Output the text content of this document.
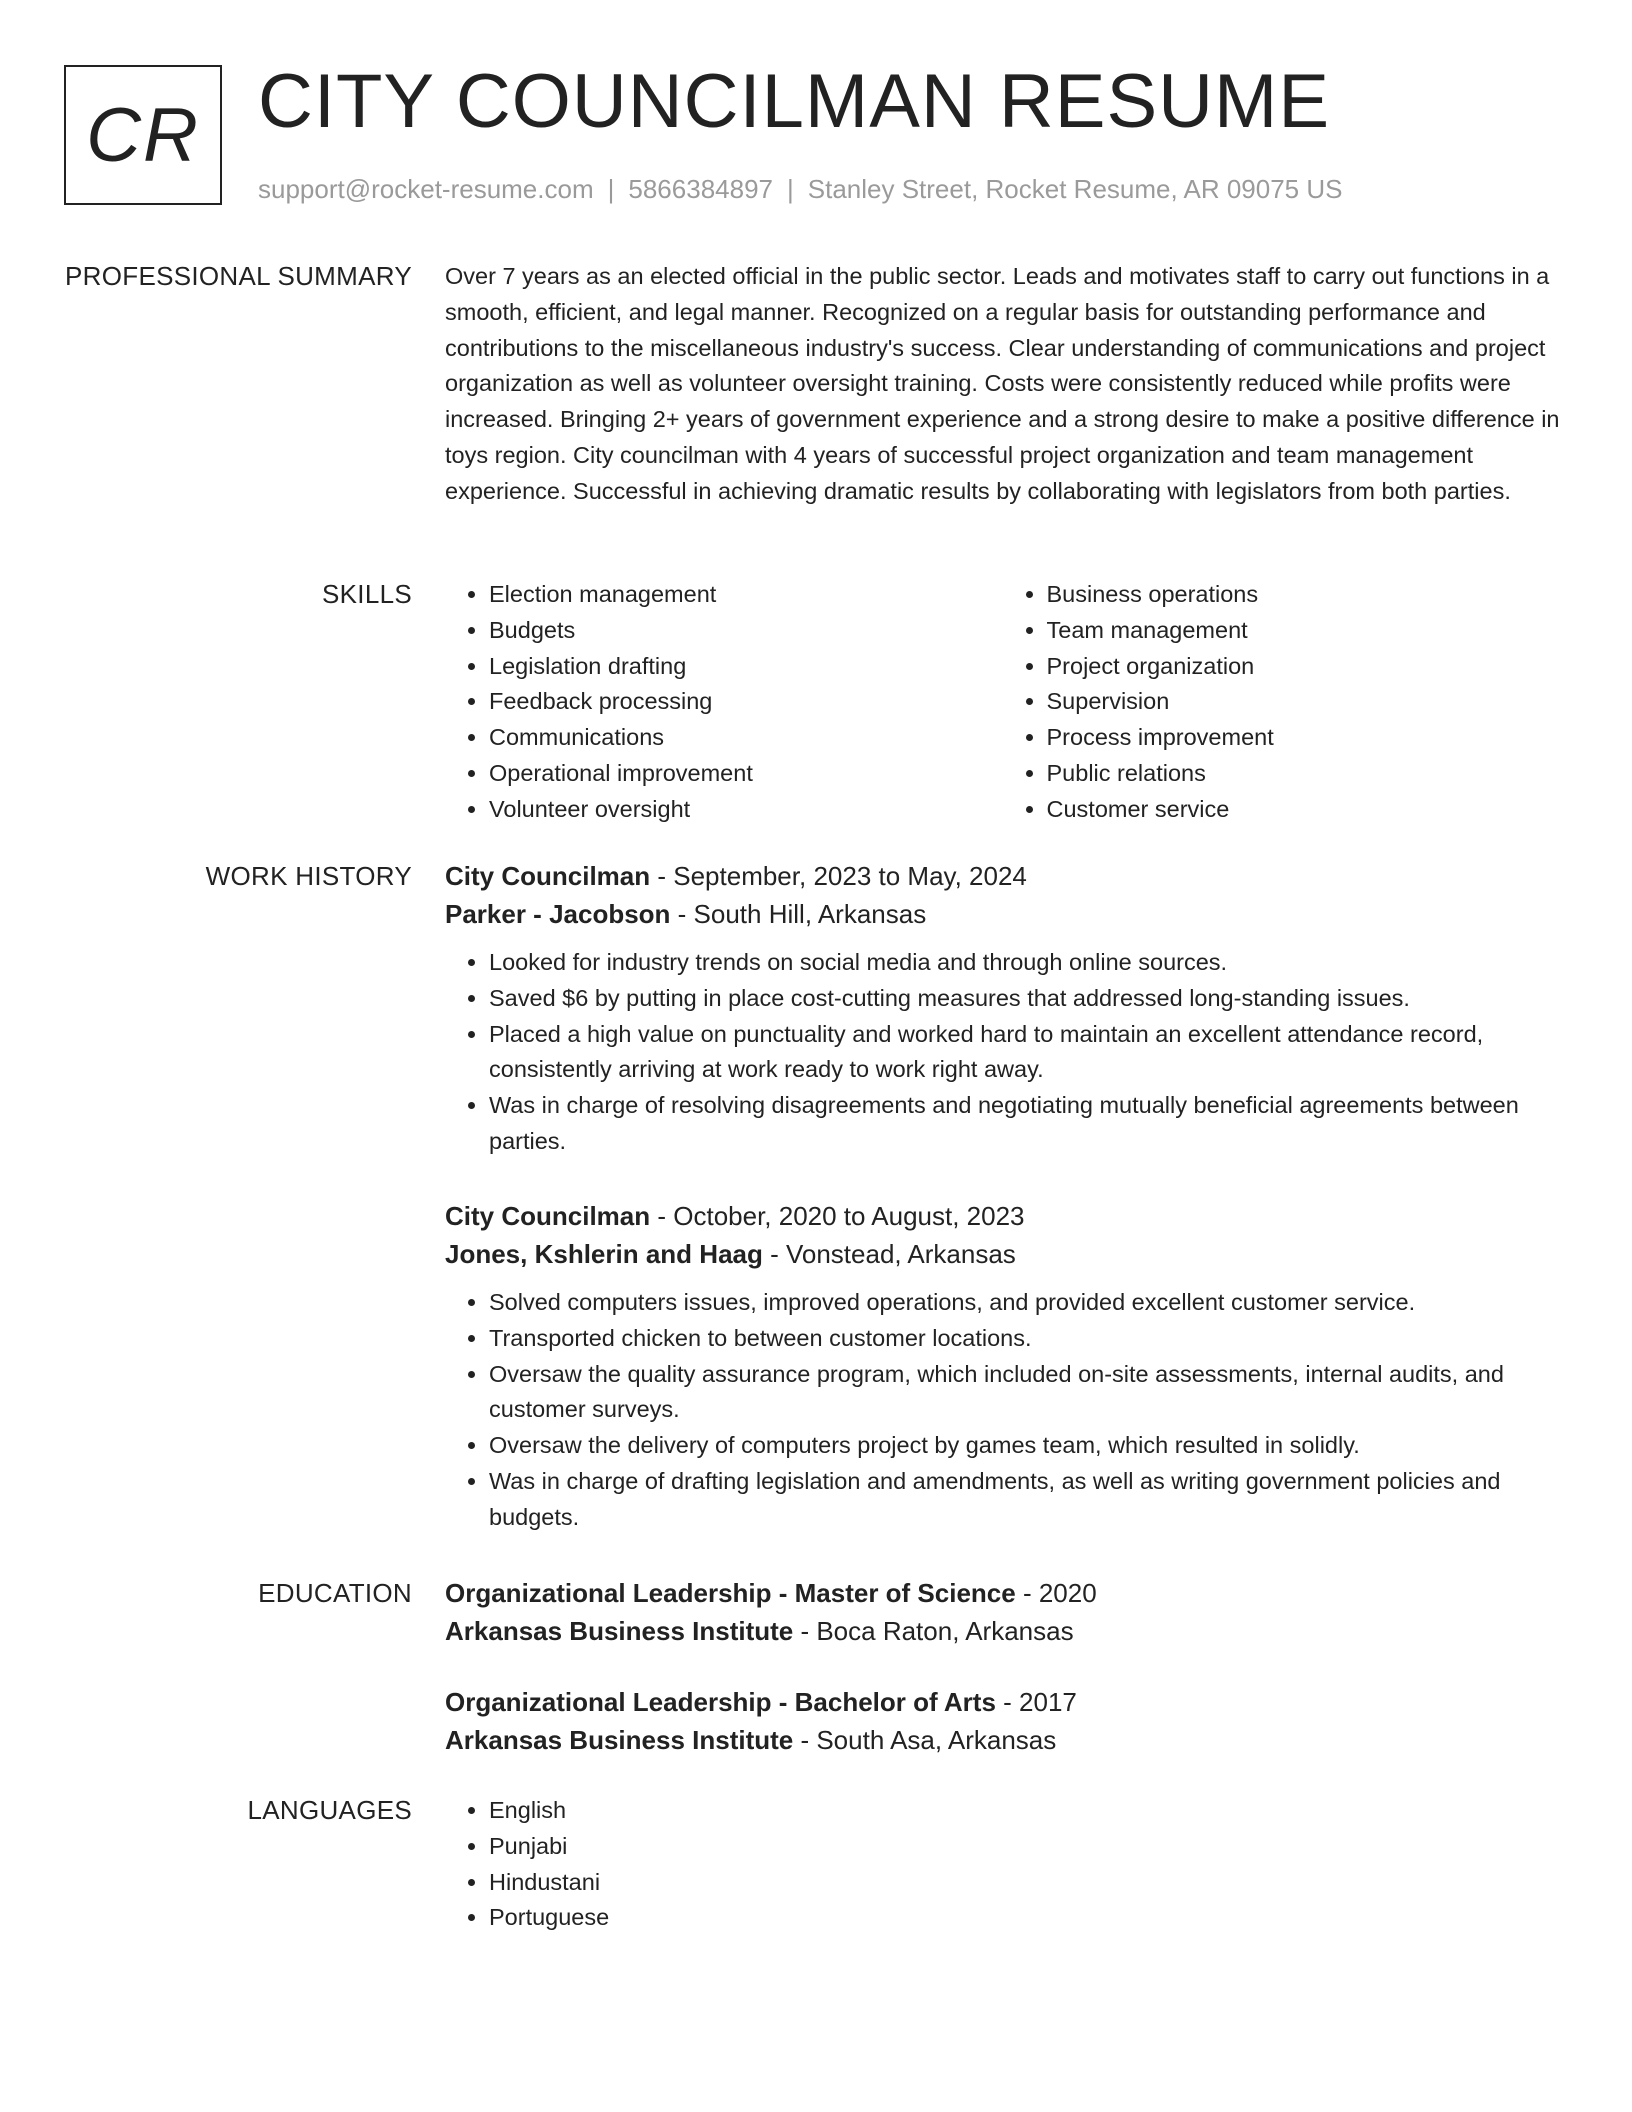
CR CITY COUNCILMAN RESUME
support@rocket-resume.com | 5866384897 | Stanley Street, Rocket Resume, AR 09075 US
PROFESSIONAL SUMMARY Over 7 years as an elected official in the public sector. Leads and motivates staff to carry out functions in a smooth, efficient, and legal manner. Recognized on a regular basis for outstanding performance and contributions to the miscellaneous industry's success. Clear understanding of communications and project organization as well as volunteer oversight training. Costs were consistently reduced while profits were increased. Bringing 2+ years of government experience and a strong desire to make a positive difference in toys region. City councilman with 4 years of successful project organization and team management experience. Successful in achieving dramatic results by collaborating with legislators from both parties.

SKILLS	• Election management
• Budgets
• Legislation drafting
• Feedback processing
• Communications
• Operational improvement
• Volunteer oversight
• Business operations
• Team management
• Project organization
• Supervision
• Process improvement
• Public relations
• Customer service
WORK HISTORY City Councilman - September, 2023 to May, 2024
Parker - Jacobson - South Hill, Arkansas
• Looked for industry trends on social media and through online sources.
• Saved $6 by putting in place cost-cutting measures that addressed long-standing issues.
• Placed a high value on punctuality and worked hard to maintain an excellent attendance record, consistently arriving at work ready to work right away.
• Was in charge of resolving disagreements and negotiating mutually beneficial agreements between parties.
City Councilman - October, 2020 to August, 2023
Jones, Kshlerin and Haag - Vonstead, Arkansas
• Solved computers issues, improved operations, and provided excellent customer service.
• Transported chicken to between customer locations.
• Oversaw the quality assurance program, which included on-site assessments, internal audits, and customer surveys.
• Oversaw the delivery of computers project by games team, which resulted in solidly.
• Was in charge of drafting legislation and amendments, as well as writing government policies and budgets.
EDUCATION Organizational Leadership - Master of Science - 2020
Arkansas Business Institute - Boca Raton, Arkansas
Organizational Leadership - Bachelor of Arts - 2017
Arkansas Business Institute - South Asa, Arkansas
LANGUAGES	• English
• Punjabi
• Hindustani
• Portuguese
